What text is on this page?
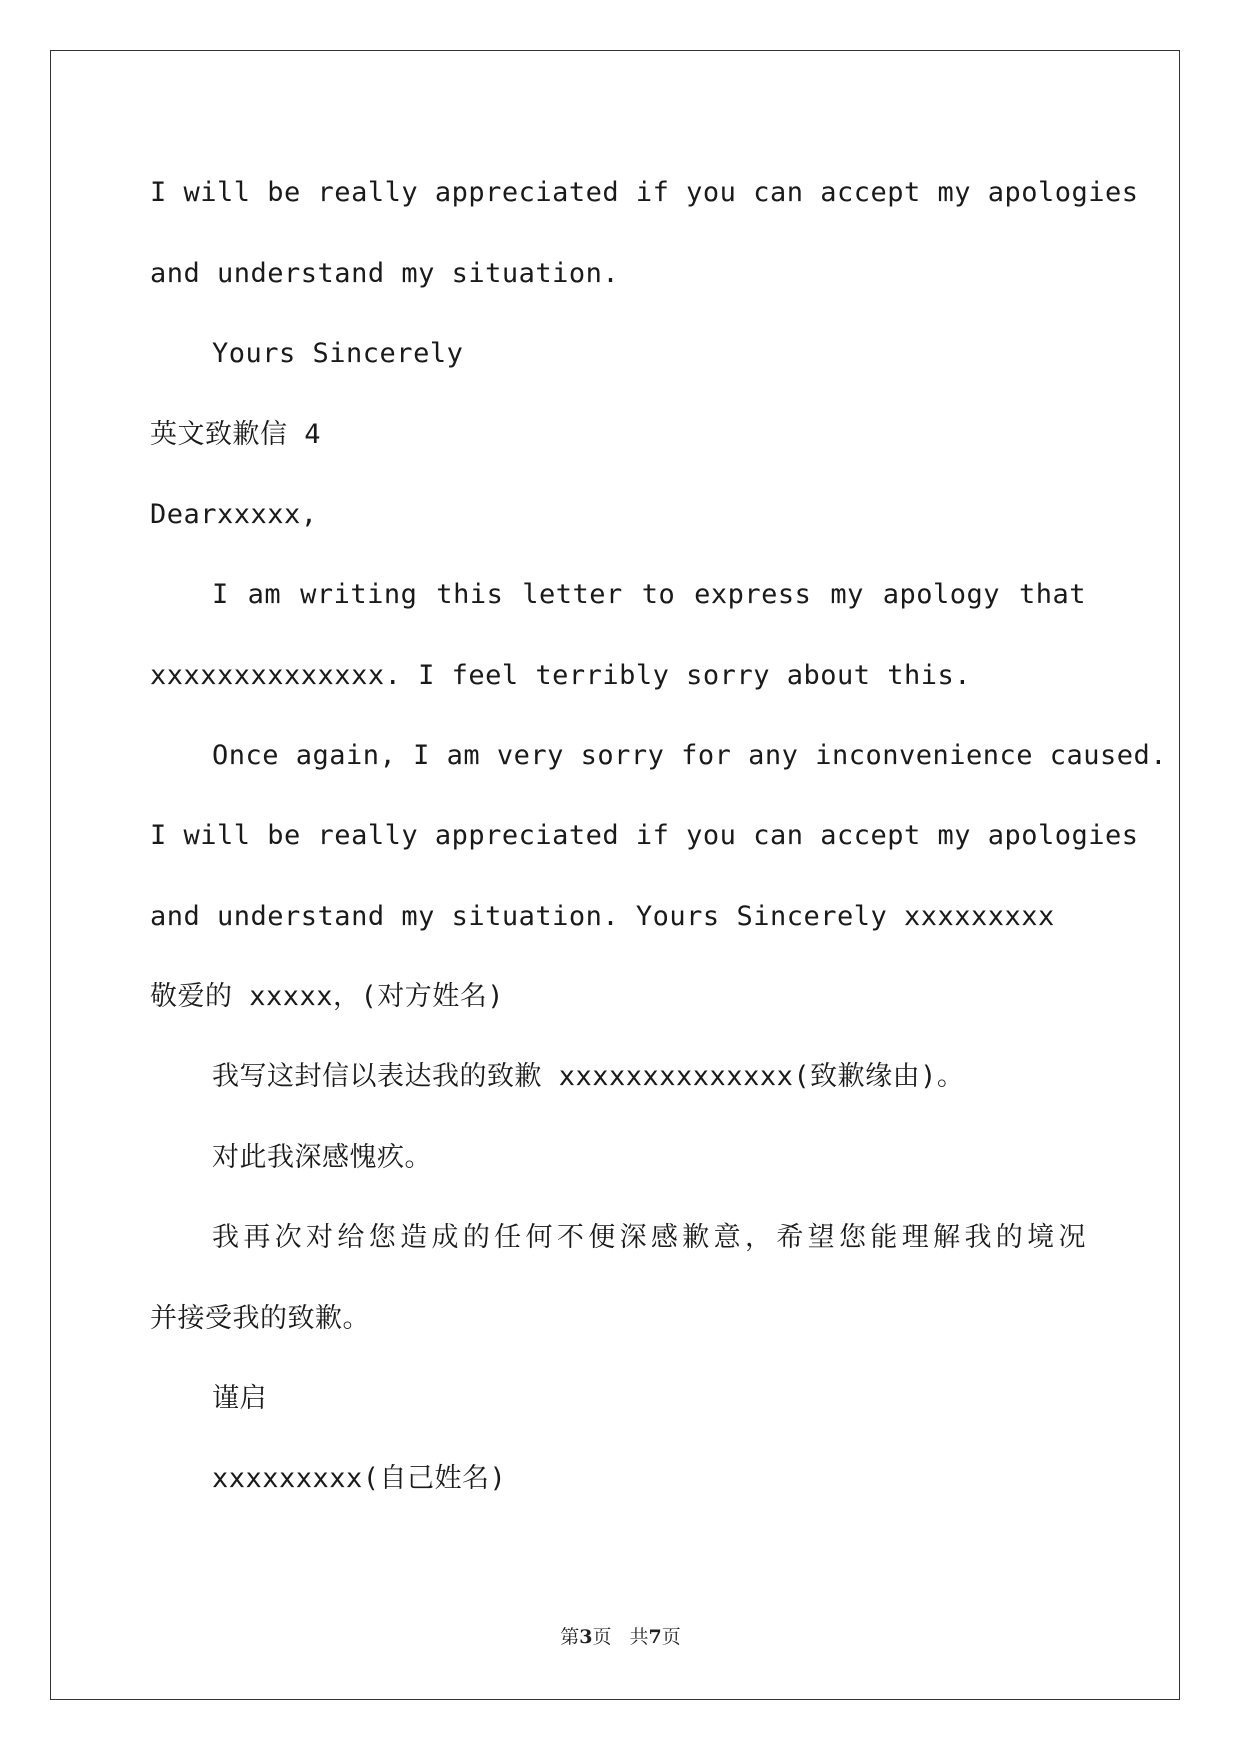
I will be really appreciated if you can accept my apologies
and understand my situation.
Yours Sincerely
英文致歉信 4
Dearxxxxx,
I am writing this letter to express my apology that
xxxxxxxxxxxxxx. I feel terribly sorry about this.
Once again, I am very sorry for any inconvenience caused.
I will be really appreciated if you can accept my apologies
and understand my situation. Yours Sincerely xxxxxxxxx
敬爱的 xxxxx，(对方姓名)
我写这封信以表达我的致歉 xxxxxxxxxxxxxx(致歉缘由)。
对此我深感愧疚。
我再次对给您造成的任何不便深感歉意，希望您能理解我的境况
并接受我的致歉。
谨启
xxxxxxxxx(自己姓名)
第3页 共7页
